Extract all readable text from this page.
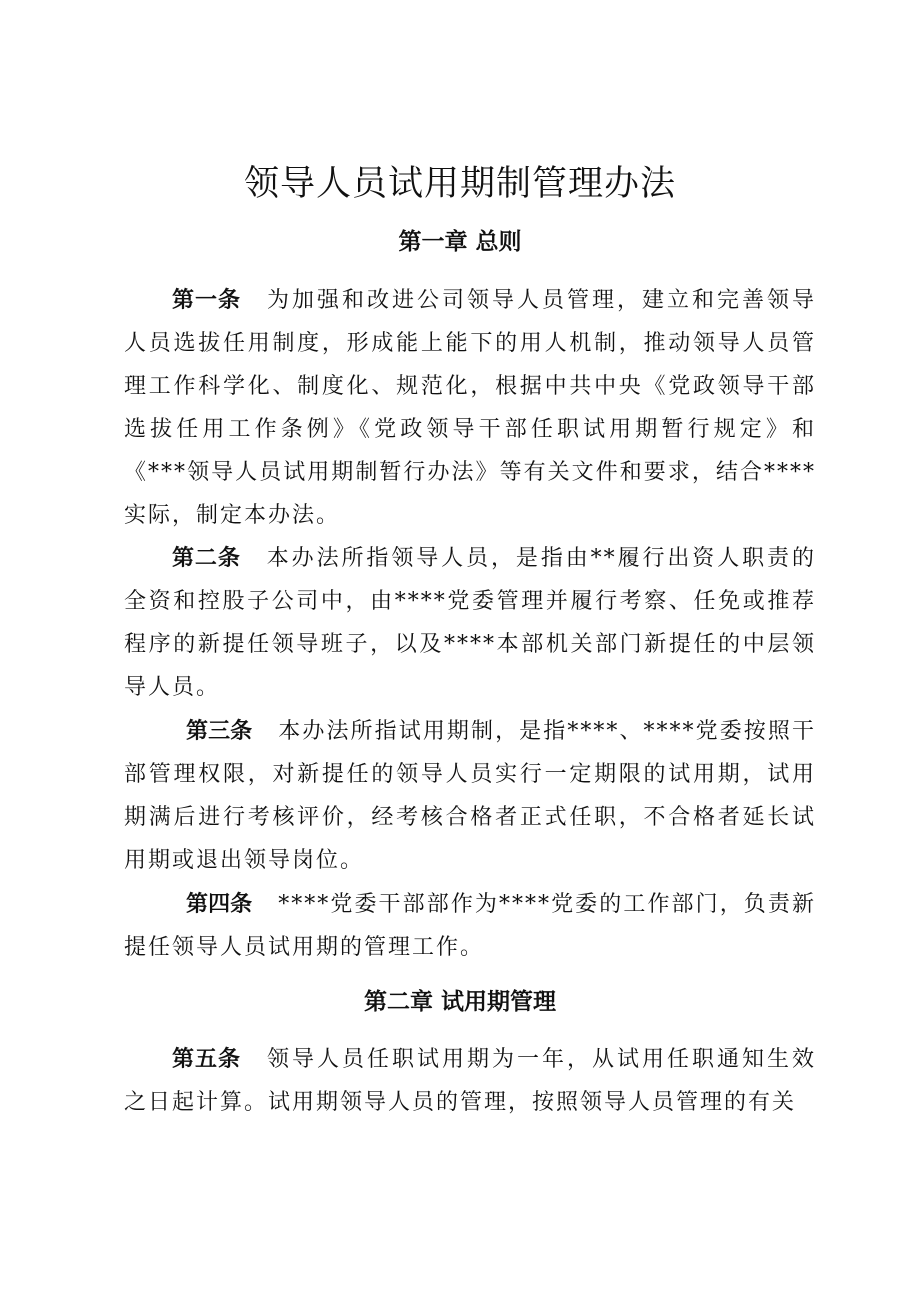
领导人员试用期制管理办法
第一章 总则

第一条 为加强和改进公司领导人员管理，建立和完善领导人员选拔任用制度，形成能上能下的用人机制，推动领导人员管理工作科学化、制度化、规范化，根据中共中央《党政领导干部选拔任用工作条例》《党政领导干部任职试用期暂行规定》和《***领导人员试用期制暂行办法》等有关文件和要求，结合****实际，制定本办法。

第二条 本办法所指领导人员，是指由**履行出资人职责的全资和控股子公司中，由****党委管理并履行考察、任免或推荐程序的新提任领导班子，以及****本部机关部门新提任的中层领导人员。

第三条 本办法所指试用期制，是指****、****党委按照干部管理权限，对新提任的领导人员实行一定期限的试用期，试用期满后进行考核评价，经考核合格者正式任职，不合格者延长试用期或退出领导岗位。

第四条 ****党委干部部作为****党委的工作部门，负责新提任领导人员试用期的管理工作。

第二章 试用期管理

第五条 领导人员任职试用期为一年，从试用任职通知生效之日起计算。试用期领导人员的管理，按照领导人员管理的有关
